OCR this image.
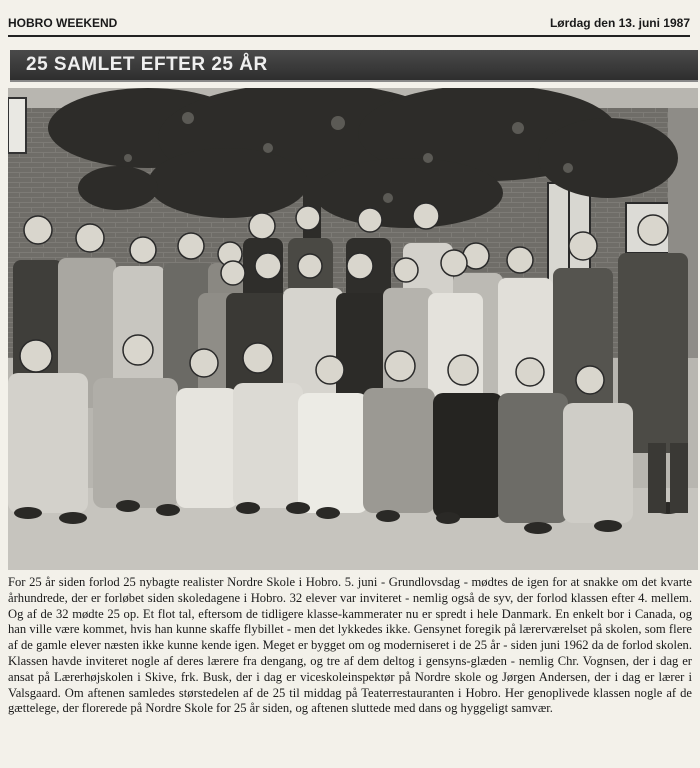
HOBRO WEEKEND	Lørdag den 13. juni 1987
25 SAMLET EFTER 25 ÅR
For 25 år siden forlod 25 nybagte realister Nordre Skole i Hobro. 5. juni - Grundlovsdag - mødtes de igen for at snakke om det kvarte århundrede, der er forløbet siden skoledagene i Hobro. 32 elever var inviteret - nemlig også de syv, der forlod klassen efter 4. mellem. Og af de 32 mødte 25 op. Et flot tal, eftersom de tidligere klasse-kammerater nu er spredt i hele Danmark. En enkelt bor i Canada, og han ville være kommet, hvis han kunne skaffe flybillet - men det lykkedes ikke. Gensynet foregik på lærerværelset på skolen, som flere af de gamle elever næsten ikke kunne kende igen. Meget er bygget om og moderniseret i de 25 år - siden juni 1962 da de forlod skolen. Klassen havde inviteret nogle af deres lærere fra dengang, og tre af dem deltog i gensyns-glæden - nemlig Chr. Vognsen, der i dag er ansat på Lærerhøjskolen i Skive, frk. Busk, der i dag er viceskoleinspektør på Nordre skole og Jørgen Andersen, der i dag er lærer i Valsgaard. Om aftenen samledes størstedelen af de 25 til middag på Teaterrestauranten i Hobro. Her genoplivede klassen nogle af de gættelege, der florerede på Nordre Skole for 25 år siden, og aftenen sluttede med dans og hyggeligt samvær.
